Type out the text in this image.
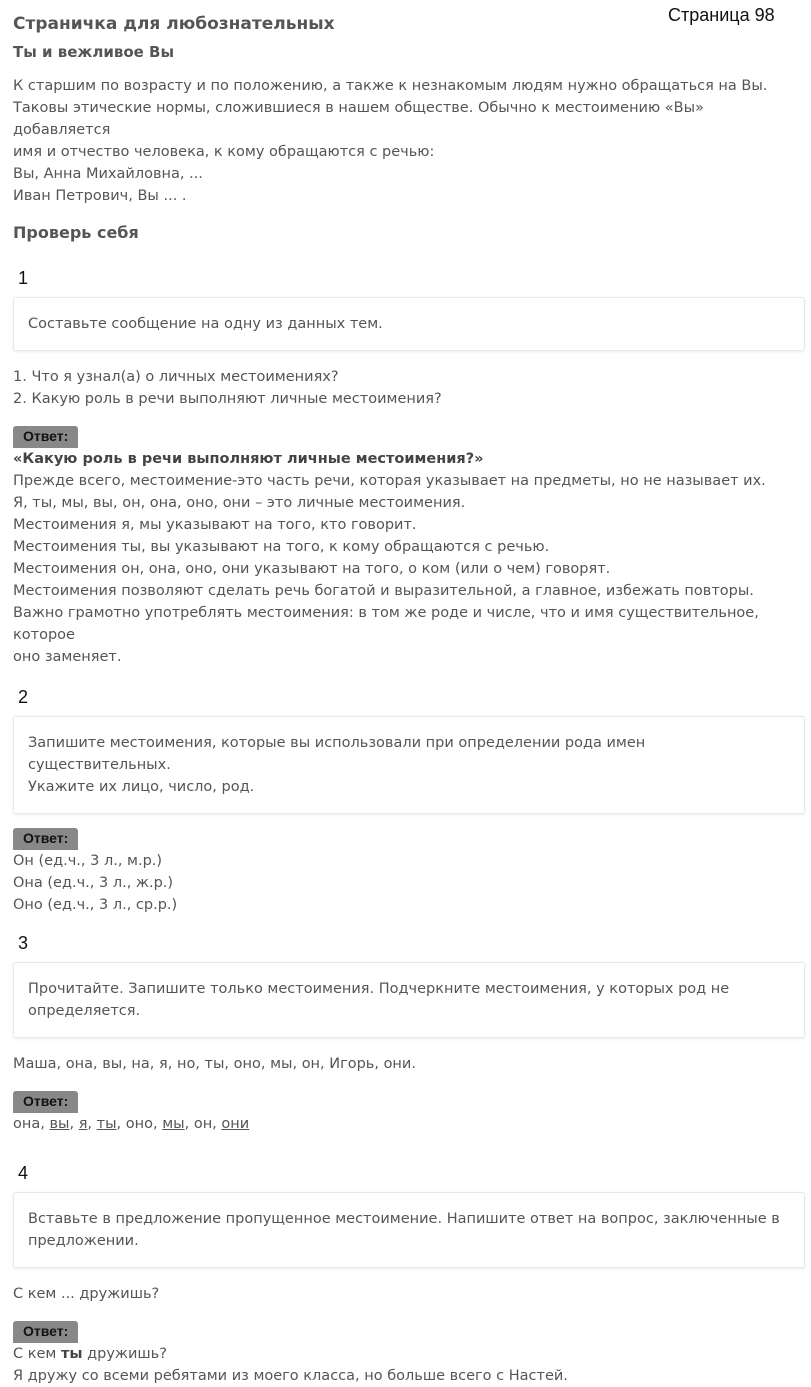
Страница 98
Страничка для любознательных
Ты и вежливое Вы

К старшим по возрасту и по положению, а также к незнакомым людям нужно обращаться на Вы.

Таковы этические нормы, сложившиеся в нашем обществе. Обычно к местоимению «Вы» добавляется

имя и отчество человека, к кому обращаются с речью:

Вы, Анна Михайловна, ...

Иван Петрович, Вы ... .

Проверь себя
1

Составьте сообщение на одну из данных тем.

1. Что я узнал(а) о личных местоимениях?

2. Какую роль в речи выполняют личные местоимения?

Ответ:

«Какую роль в речи выполняют личные местоимения?»

Прежде всего, местоимение-это часть речи, которая указывает на предметы, но не называет их.

Я, ты, мы, вы, он, она, оно, они – это личные местоимения.

Местоимения я, мы указывают на того, кто говорит.

Местоимения ты, вы указывают на того, к кому обращаются с речью.

Местоимения он, она, оно, они указывают на того, о ком (или о чем) говорят.

Местоимения позволяют сделать речь богатой и выразительной, а главное, избежать повторы.

Важно грамотно употреблять местоимения: в том же роде и числе, что и имя существительное, которое

оно заменяет.

2

Запишите местоимения, которые вы использовали при определении рода имен существительных.

Укажите их лицо, число, род.

Ответ:

Он (ед.ч., 3 л., м.р.)

Она (ед.ч., 3 л., ж.р.)

Оно (ед.ч., 3 л., ср.р.)

3

Прочитайте. Запишите только местоимения. Подчеркните местоимения, у которых род не

определяется.

Маша, она, вы, на, я, но, ты, оно, мы, он, Игорь, они.

Ответ:

она, вы, я, ты, оно, мы, он, они

4

Вставьте в предложение пропущенное местоимение. Напишите ответ на вопрос, заключенные в

предложении.

С кем ... дружишь?

Ответ:

С кем ты дружишь?

Я дружу со всеми ребятами из моего класса, но больше всего с Настей.
